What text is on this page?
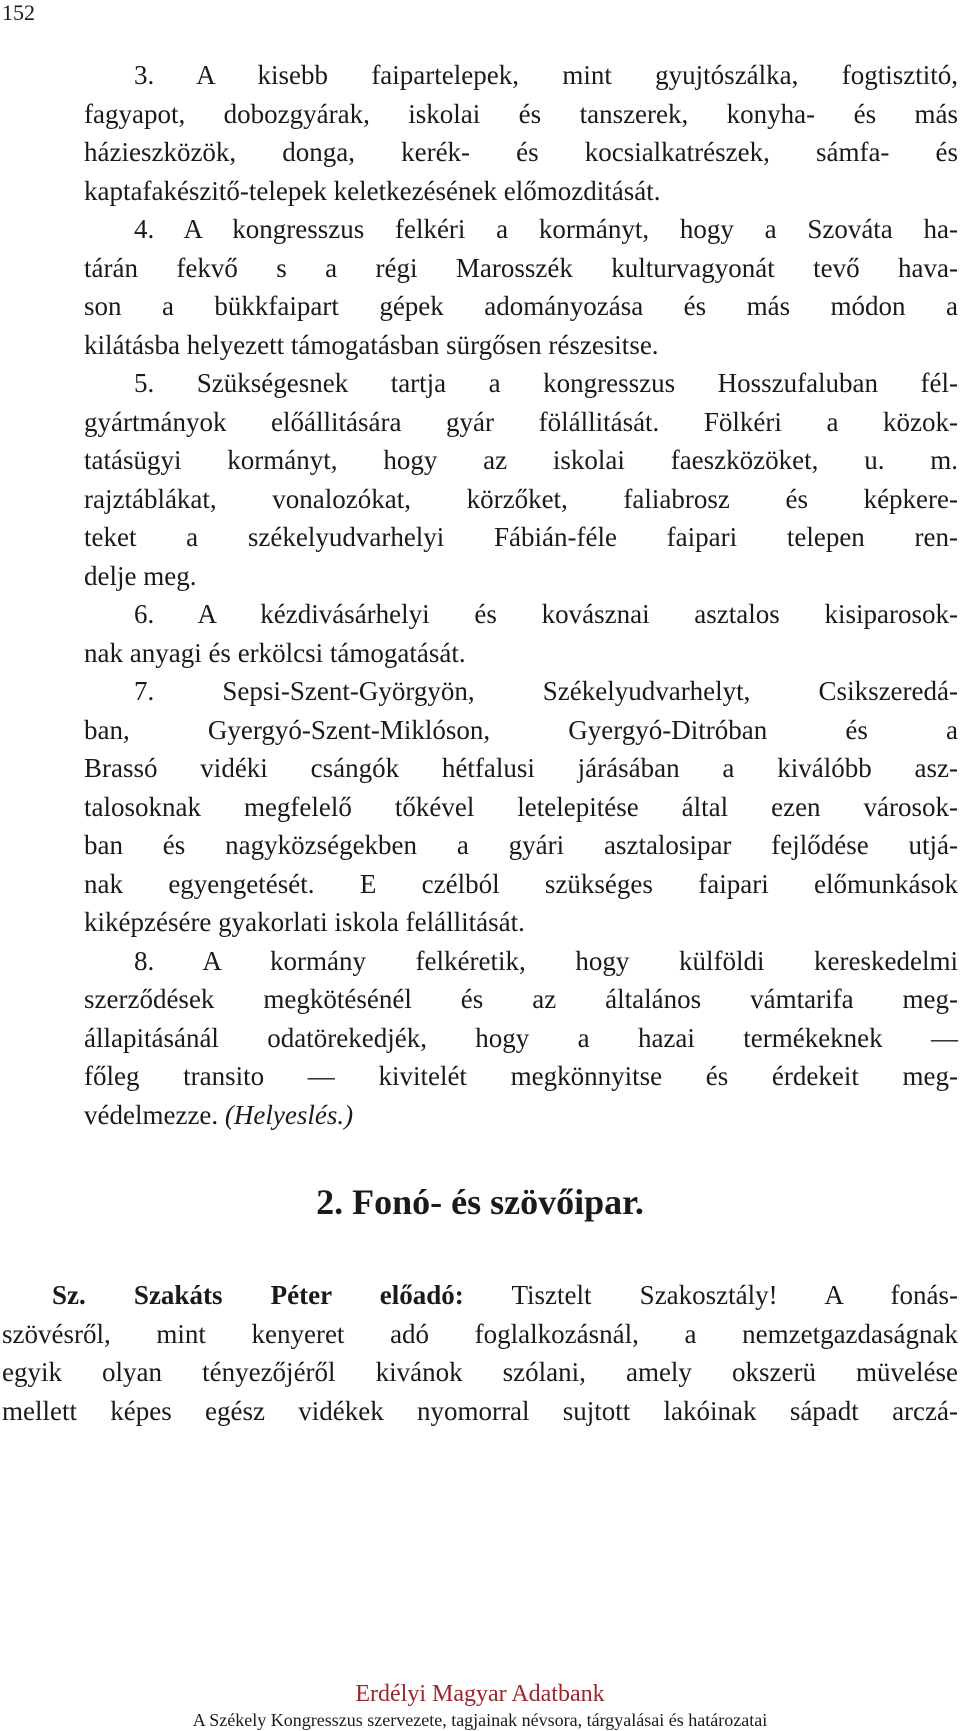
152
3. A kisebb faipartelepek, mint gyujtószálka, fogtisztitó,
fagyapot, dobozgyárak, iskolai és tanszerek, konyha- és más
házieszközök, donga, kerék- és kocsialkatrészek, sámfa- és
kaptafakészitő-telepek keletkezésének előmozditását.
4. A kongresszus felkéri a kormányt, hogy a Szováta ha-
tárán fekvő s a régi Marosszék kulturvagyonát tevő hava-
son a bükkfaipart gépek adományozása és más módon a
kilátásba helyezett támogatásban sürgősen részesitse.
5. Szükségesnek tartja a kongresszus Hosszufaluban fél-
gyártmányok előállitására gyár fölállitását. Fölkéri a közok-
tatásügyi kormányt, hogy az iskolai faeszközöket, u. m.
rajztáblákat, vonalozókat, körzőket, faliabrosz és képkere-
teket a székelyudvarhelyi Fábián-féle faipari telepen ren-
delje meg.
6. A kézdivásárhelyi és kovásznai asztalos kisiparosok-
nak anyagi és erkölcsi támogatását.
7. Sepsi-Szent-Györgyön, Székelyudvarhelyt, Csikszeredá-
ban, Gyergyó-Szent-Miklóson, Gyergyó-Ditróban és a
Brassó vidéki csángók hétfalusi járásában a kiválóbb asz-
talosoknak megfelelő tőkével letelepitése által ezen városok-
ban és nagyközségekben a gyári asztalosipar fejlődése utjá-
nak egyengetését. E czélból szükséges faipari előmunkások
kiképzésére gyakorlati iskola felállitását.
8. A kormány felkéretik, hogy külföldi kereskedelmi
szerződések megkötésénél és az általános vámtarifa meg-
állapitásánál odatörekedjék, hogy a hazai termékeknek —
főleg transito — kivitelét megkönnyitse és érdekeit meg-
védelmezze. (Helyeslés.)
2. Fonó- és szövőipar.
Sz. Szakáts Péter előadó: Tisztelt Szakosztály! A fonás-
szövésről, mint kenyeret adó foglalkozásnál, a nemzetgazdaságnak
egyik olyan tényezőjéről kivánok szólani, amely okszerü müvelése
mellett képes egész vidékek nyomorral sujtott lakóinak sápadt arczá-
Erdélyi Magyar Adatbank
A Székely Kongresszus szervezete, tagjainak névsora, tárgyalásai és határozatai
